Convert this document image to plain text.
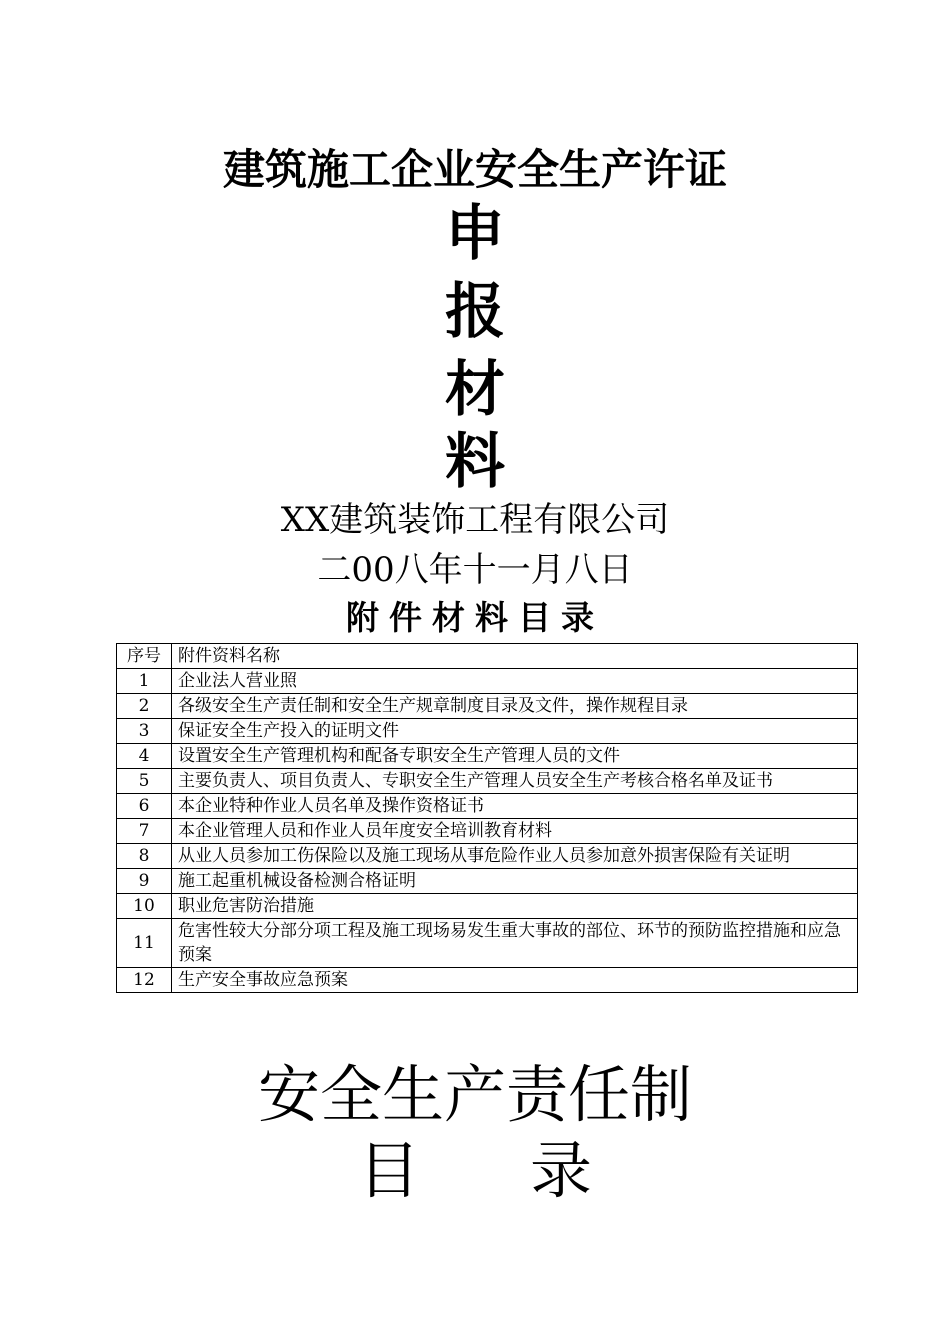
建筑施工企业安全生产许证
申
报
材
料
XX建筑装饰工程有限公司
二00八年十一月八日
附件材料目录
序号	附件资料名称
1	企业法人营业照
2	各级安全生产责任制和安全生产规章制度目录及文件，操作规程目录
3	保证安全生产投入的证明文件
4	设置安全生产管理机构和配备专职安全生产管理人员的文件
5	主要负责人、项目负责人、专职安全生产管理人员安全生产考核合格名单及证书
6	本企业特种作业人员名单及操作资格证书
7	本企业管理人员和作业人员年度安全培训教育材料
8	从业人员参加工伤保险以及施工现场从事危险作业人员参加意外损害保险有关证明
9	施工起重机械设备检测合格证明
10	职业危害防治措施
11	危害性较大分部分项工程及施工现场易发生重大事故的部位、环节的预防监控措施和应急预案
12	生产安全事故应急预案
安全生产责任制
目 录
